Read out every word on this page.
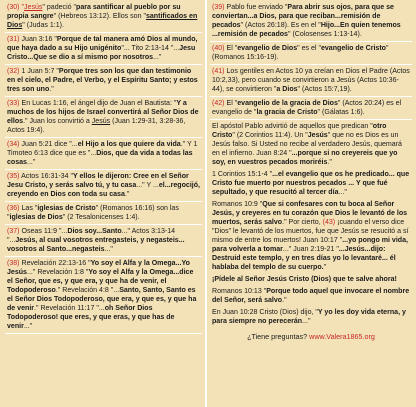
(30) "Jesús" padeció "para santificar al pueblo por su propia sangre" (Hebreos 13:12). Ellos son "santificados en Dios" (Judas 1:1).
(31) Juan 3:16 "Porque de tal manera amó Dios al mundo, que haya dado a su Hijo unigénito"... Tito 2:13-14 "...Jesu Cristo...Que se dio a sí mismo por nosotros..."
(32) 1 Juan 5:7 "Porque tres son los que dan testimonio en el cielo, el Padre, el Verbo, y el Espíritu Santo; y estos tres son uno."
(33) En Lucas 1:16, el ángel dijo de Juan el Bautista: "Y a muchos de los hijos de Israel convertirá al Señor Dios de ellos." Juan los convirtió a Jesús (Juan 1:29-31, 3:28-36, Actos 19:4).
(34) Juan 5:21 dice "...el Hijo a los que quiere da vida." Y 1 Timoteo 6:13 dice que es "...Dios, que da vida a todas las cosas..."
(35) Actos 16:31-34 "Y ellos le dijeron: Cree en el Señor Jesu Cristo, y serás salvo tú, y tu casa..." Y ...el...regocijó, creyendo en Dios con toda su casa."
(36) Las "iglesias de Cristo" (Romanos 16:16) son las "iglesias de Dios" (2 Tesalonicenses 1:4).
(37) Oseas 11:9 "...Dios soy...Santo..." Actos 3:13-14 "...Jesús, al cual vosotros entregasteis, y negasteis... vosotros al Santo...negasteis..."
(38) Revelación 22:13-16 "Yo soy el Alfa y la Omega...Yo Jesús..." Revelación 1:8 "Yo soy el Alfa y la Omega...dice el Señor, que es, y que era, y que ha de venir, el Todopoderoso." Revelación 4:8 "...Santo, Santo, Santo es el Señor Dios Todopoderoso, que era, y que es, y que ha de venir." Revelación 11:17 "...oh Señor Dios Todopoderoso! que eres, y que eras, y que has de venir..."
(39) Pablo fue enviado "Para abrir sus ojos, para que se conviertan...a Dios, para que reciban...remisión de pecados" (Actos 26:18). Es en el "Hijo...En quien tenemos ...remisión de pecados" (Colosenses 1:13-14).
(40) El "evangelio de Dios" es el "evangelio de Cristo" (Romanos 15:16-19).
(41) Los gentiles en Actos 10 ya creían en Dios el Padre (Actos 10:2,33), pero cuando se convirtieron a Jesús (Actos 10:36-44), se convirtieron "a Dios" (Actos 15:7,19).
(42) El "evangelio de la gracia de Dios" (Actos 20:24) es el evangelio de "la gracia de Cristo" (Gálatas 1:6).
El apóstol Pablo advirtió de aquellos que predican "otro Cristo" (2 Corintios 11:4). Un "Jesús" que no es Dios es un Jesús falso. Si Usted no recibe al verdadero Jesús, quemará en el infierno. Juan 8:24 "...porque si no creyereis que yo soy, en vuestros pecados moriréis."
1 Corintios 15:1-4 "...el evangelio que os he predicado... que Cristo fue muerto por nuestros pecados ... Y que fué sepultado, y que resucitó al tercer día..."
Romanos 10:9 "Que si confesares con tu boca al Señor Jesús, y creyeres en tu corazón que Dios le levantó de los muertos, serás salvo." Por cierto, (43) ¡cuando el verso dice "Dios" le levantó de los muertos, fue que Jesús se resucitó a sí mismo de entre los muertos! Juan 10:17 "...yo pongo mi vida, para volverla a tomar..." Juan 2:19-21 "...Jesús...dijo: Destruid este templo, y en tres días yo lo levantaré... él hablaba del templo de su cuerpo."
¡Pídele al Señor Jesús Cristo (Dios) que te salve ahora!
Romanos 10:13 "Porque todo aquel que invocare el nombre del Señor, será salvo."
En Juan 10:28 Cristo (Dios) dijo, "Y yo les doy vida eterna, y para siempre no perecerán..."
¿Tiene preguntas? www.Valera1865.org
